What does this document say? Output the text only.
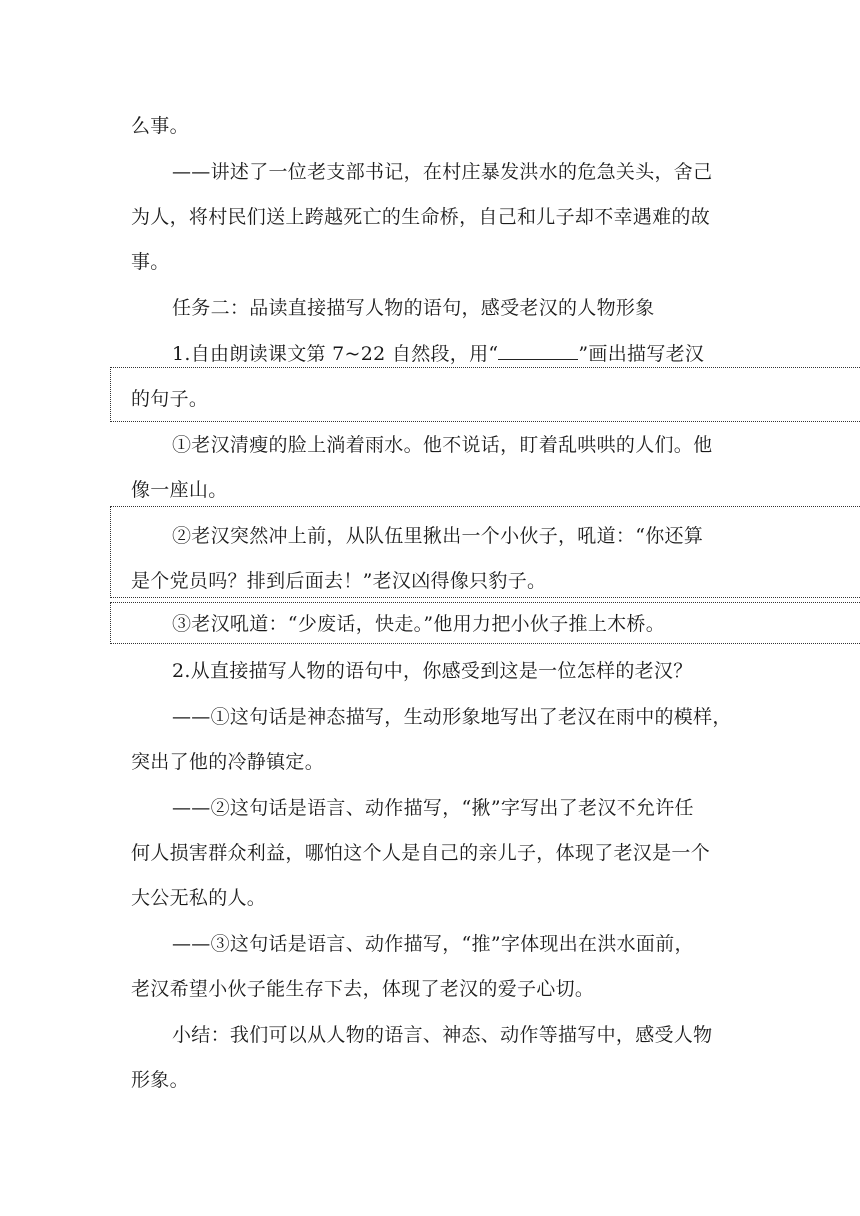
么事。
——讲述了一位老支部书记，在村庄暴发洪水的危急关头，舍己
为人，将村民们送上跨越死亡的生命桥，自己和儿子却不幸遇难的故
事。
任务二：品读直接描写人物的语句，感受老汉的人物形象
1.自由朗读课文第 7~22 自然段，用“	”画出描写老汉
的句子。
①老汉清瘦的脸上淌着雨水。他不说话，盯着乱哄哄的人们。他
像一座山。
②老汉突然冲上前，从队伍里揪出一个小伙子，吼道：“你还算
是个党员吗？排到后面去！”老汉凶得像只豹子。
③老汉吼道：“少废话，快走。”他用力把小伙子推上木桥。
2.从直接描写人物的语句中，你感受到这是一位怎样的老汉？
——①这句话是神态描写，生动形象地写出了老汉在雨中的模样，
突出了他的冷静镇定。
——②这句话是语言、动作描写，“揪”字写出了老汉不允许任
何人损害群众利益，哪怕这个人是自己的亲儿子，体现了老汉是一个
大公无私的人。
——③这句话是语言、动作描写，“推”字体现出在洪水面前，
老汉希望小伙子能生存下去，体现了老汉的爱子心切。
小结：我们可以从人物的语言、神态、动作等描写中，感受人物
形象。
